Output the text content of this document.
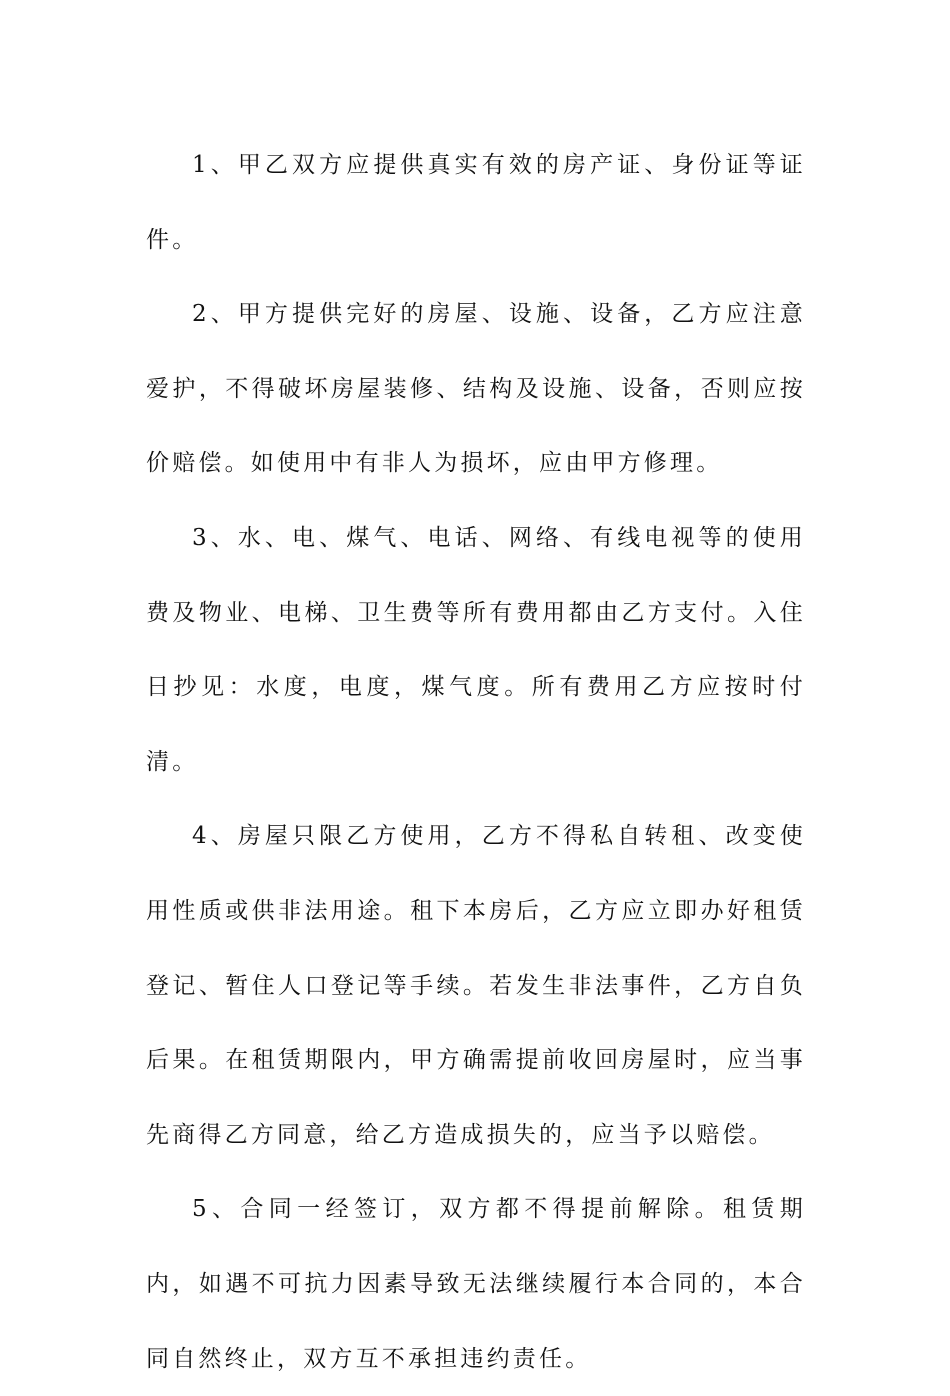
1、甲乙双方应提供真实有效的房产证、身份证等证件。

2、甲方提供完好的房屋、设施、设备，乙方应注意爱护，不得破坏房屋装修、结构及设施、设备，否则应按价赔偿。如使用中有非人为损坏，应由甲方修理。

3、水、电、煤气、电话、网络、有线电视等的使用费及物业、电梯、卫生费等所有费用都由乙方支付。入住日抄见：水度，电度，煤气度。所有费用乙方应按时付清。

4、房屋只限乙方使用，乙方不得私自转租、改变使用性质或供非法用途。租下本房后，乙方应立即办好租赁登记、暂住人口登记等手续。若发生非法事件，乙方自负后果。在租赁期限内，甲方确需提前收回房屋时，应当事先商得乙方同意，给乙方造成损失的，应当予以赔偿。

5、合同一经签订，双方都不得提前解除。租赁期内，如遇不可抗力因素导致无法继续履行本合同的，本合同自然终止，双方互不承担违约责任。
